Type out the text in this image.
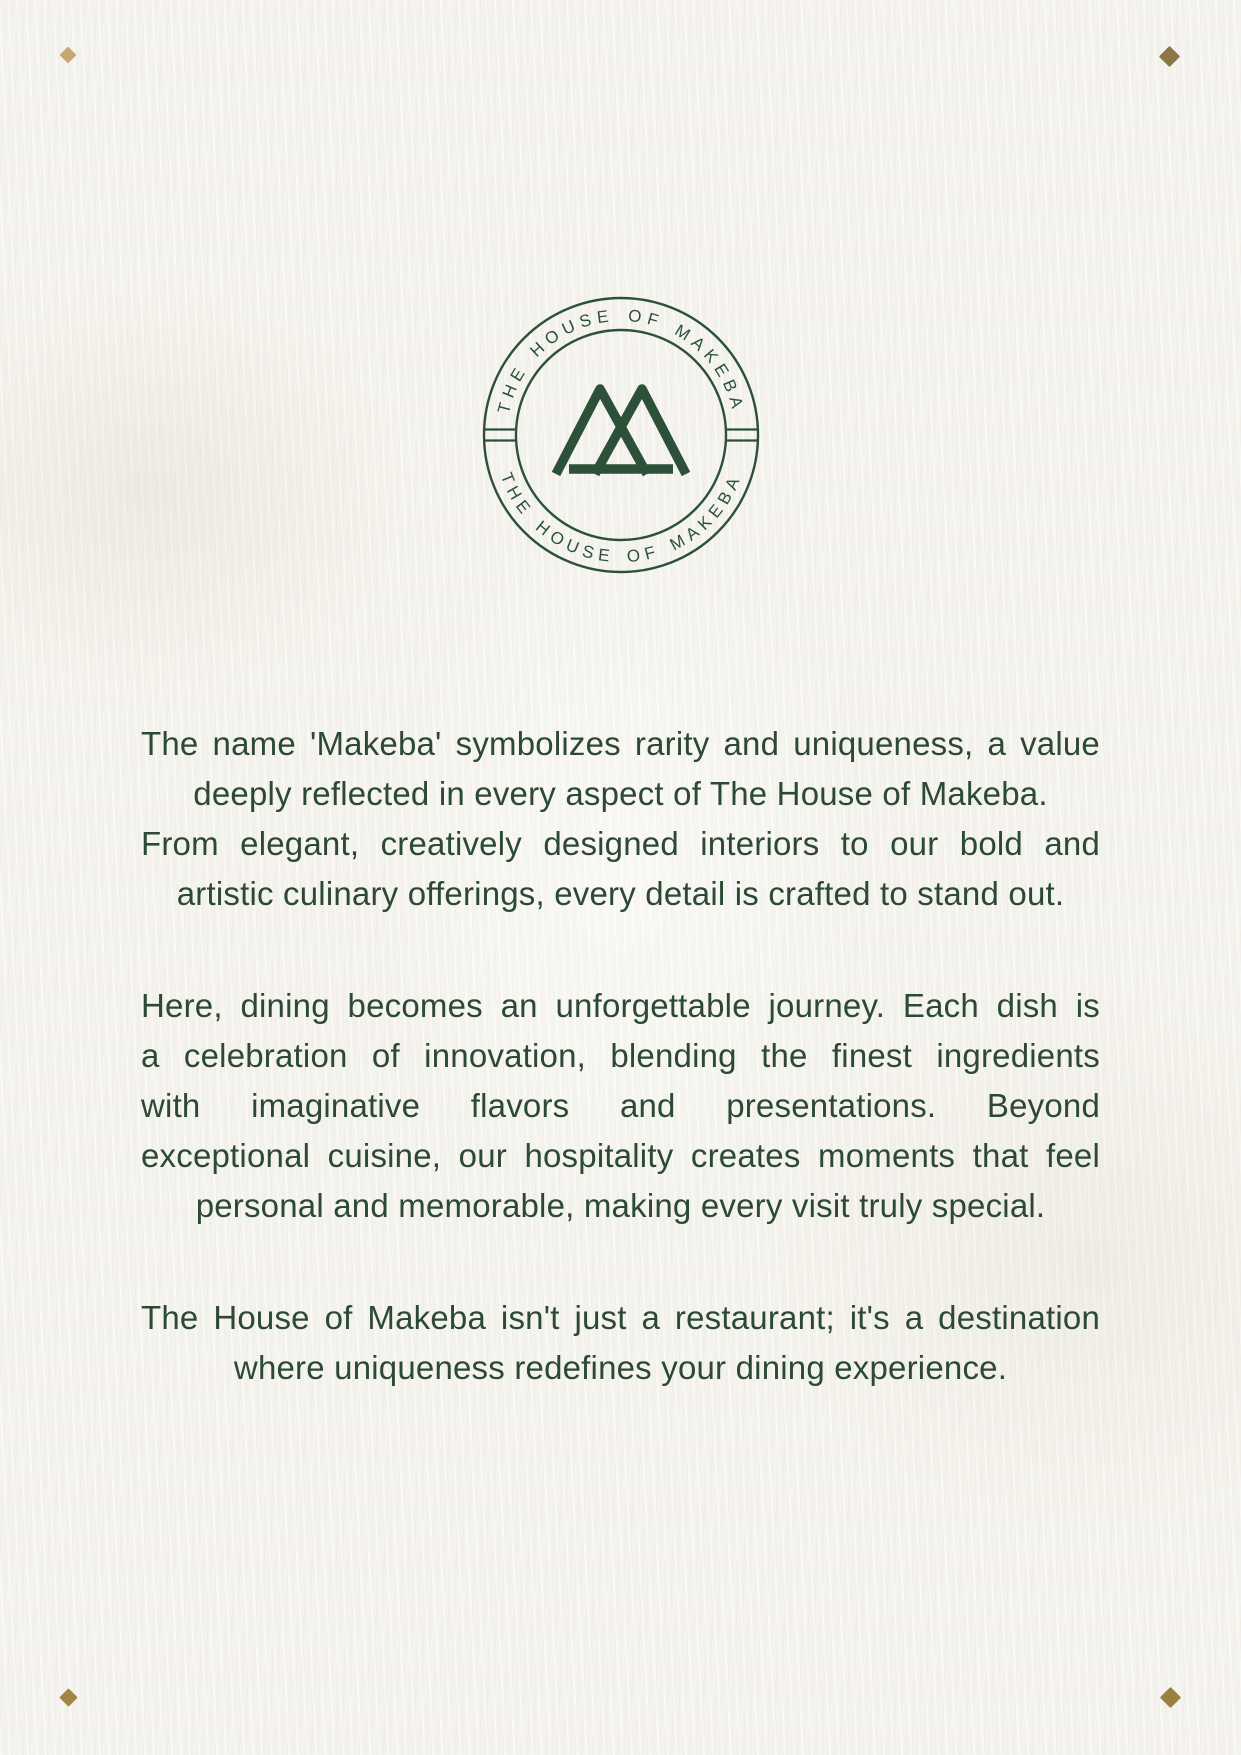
THE HOUSE OF MAKEBA
THE HOUSE OF MAKEBA
The name 'Makeba' symbolizes rarity and uniqueness, a value
deeply reflected in every aspect of The House of Makeba.
From elegant, creatively designed interiors to our bold and
artistic culinary offerings, every detail is crafted to stand out.
Here, dining becomes an unforgettable journey. Each dish is
a celebration of innovation, blending the finest ingredients
with imaginative flavors and presentations. Beyond
exceptional cuisine, our hospitality creates moments that feel
personal and memorable, making every visit truly special.
The House of Makeba isn't just a restaurant; it's a destination
where uniqueness redefines your dining experience.
